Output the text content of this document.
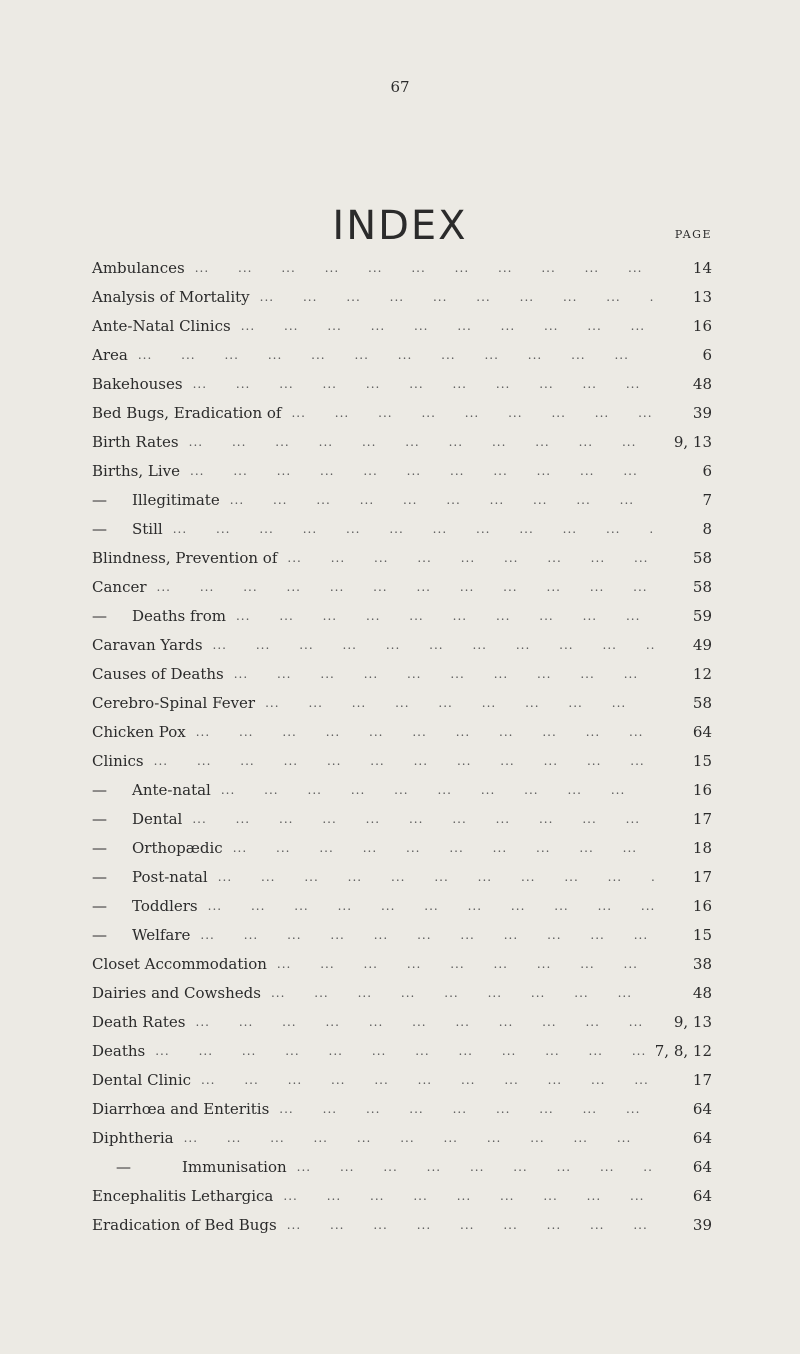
67
INDEX	PAGE
Ambulances ...	14
Analysis of Mortality ...	13
Ante-Natal Clinics ...	16
Area ...	6
Bakehouses ...	48
Bed Bugs, Eradication of ...	39
Birth Rates ...	9, 13
Births, Live ...	6
— Illegitimate ...	7
— Still ...	8
Blindness, Prevention of ...	58
Cancer ...	58
— Deaths from ...	59
Caravan Yards ...	49
Causes of Deaths ...	12
Cerebro-Spinal Fever ...	58
Chicken Pox ...	64
Clinics ...	15
— Ante-natal ...	16
— Dental ...	17
— Orthopædic ...	18
— Post-natal ...	17
— Toddlers ...	16
— Welfare ...	15
Closet Accommodation ...	38
Dairies and Cowsheds ...	48
Death Rates ...	9, 13
Deaths ...	7, 8, 12
Dental Clinic ...	17
Diarrhœa and Enteritis ...	64
Diphtheria ...	64
—	Immunisation ...	64
Encephalitis Lethargica ...	64
Eradication of Bed Bugs ...	39
